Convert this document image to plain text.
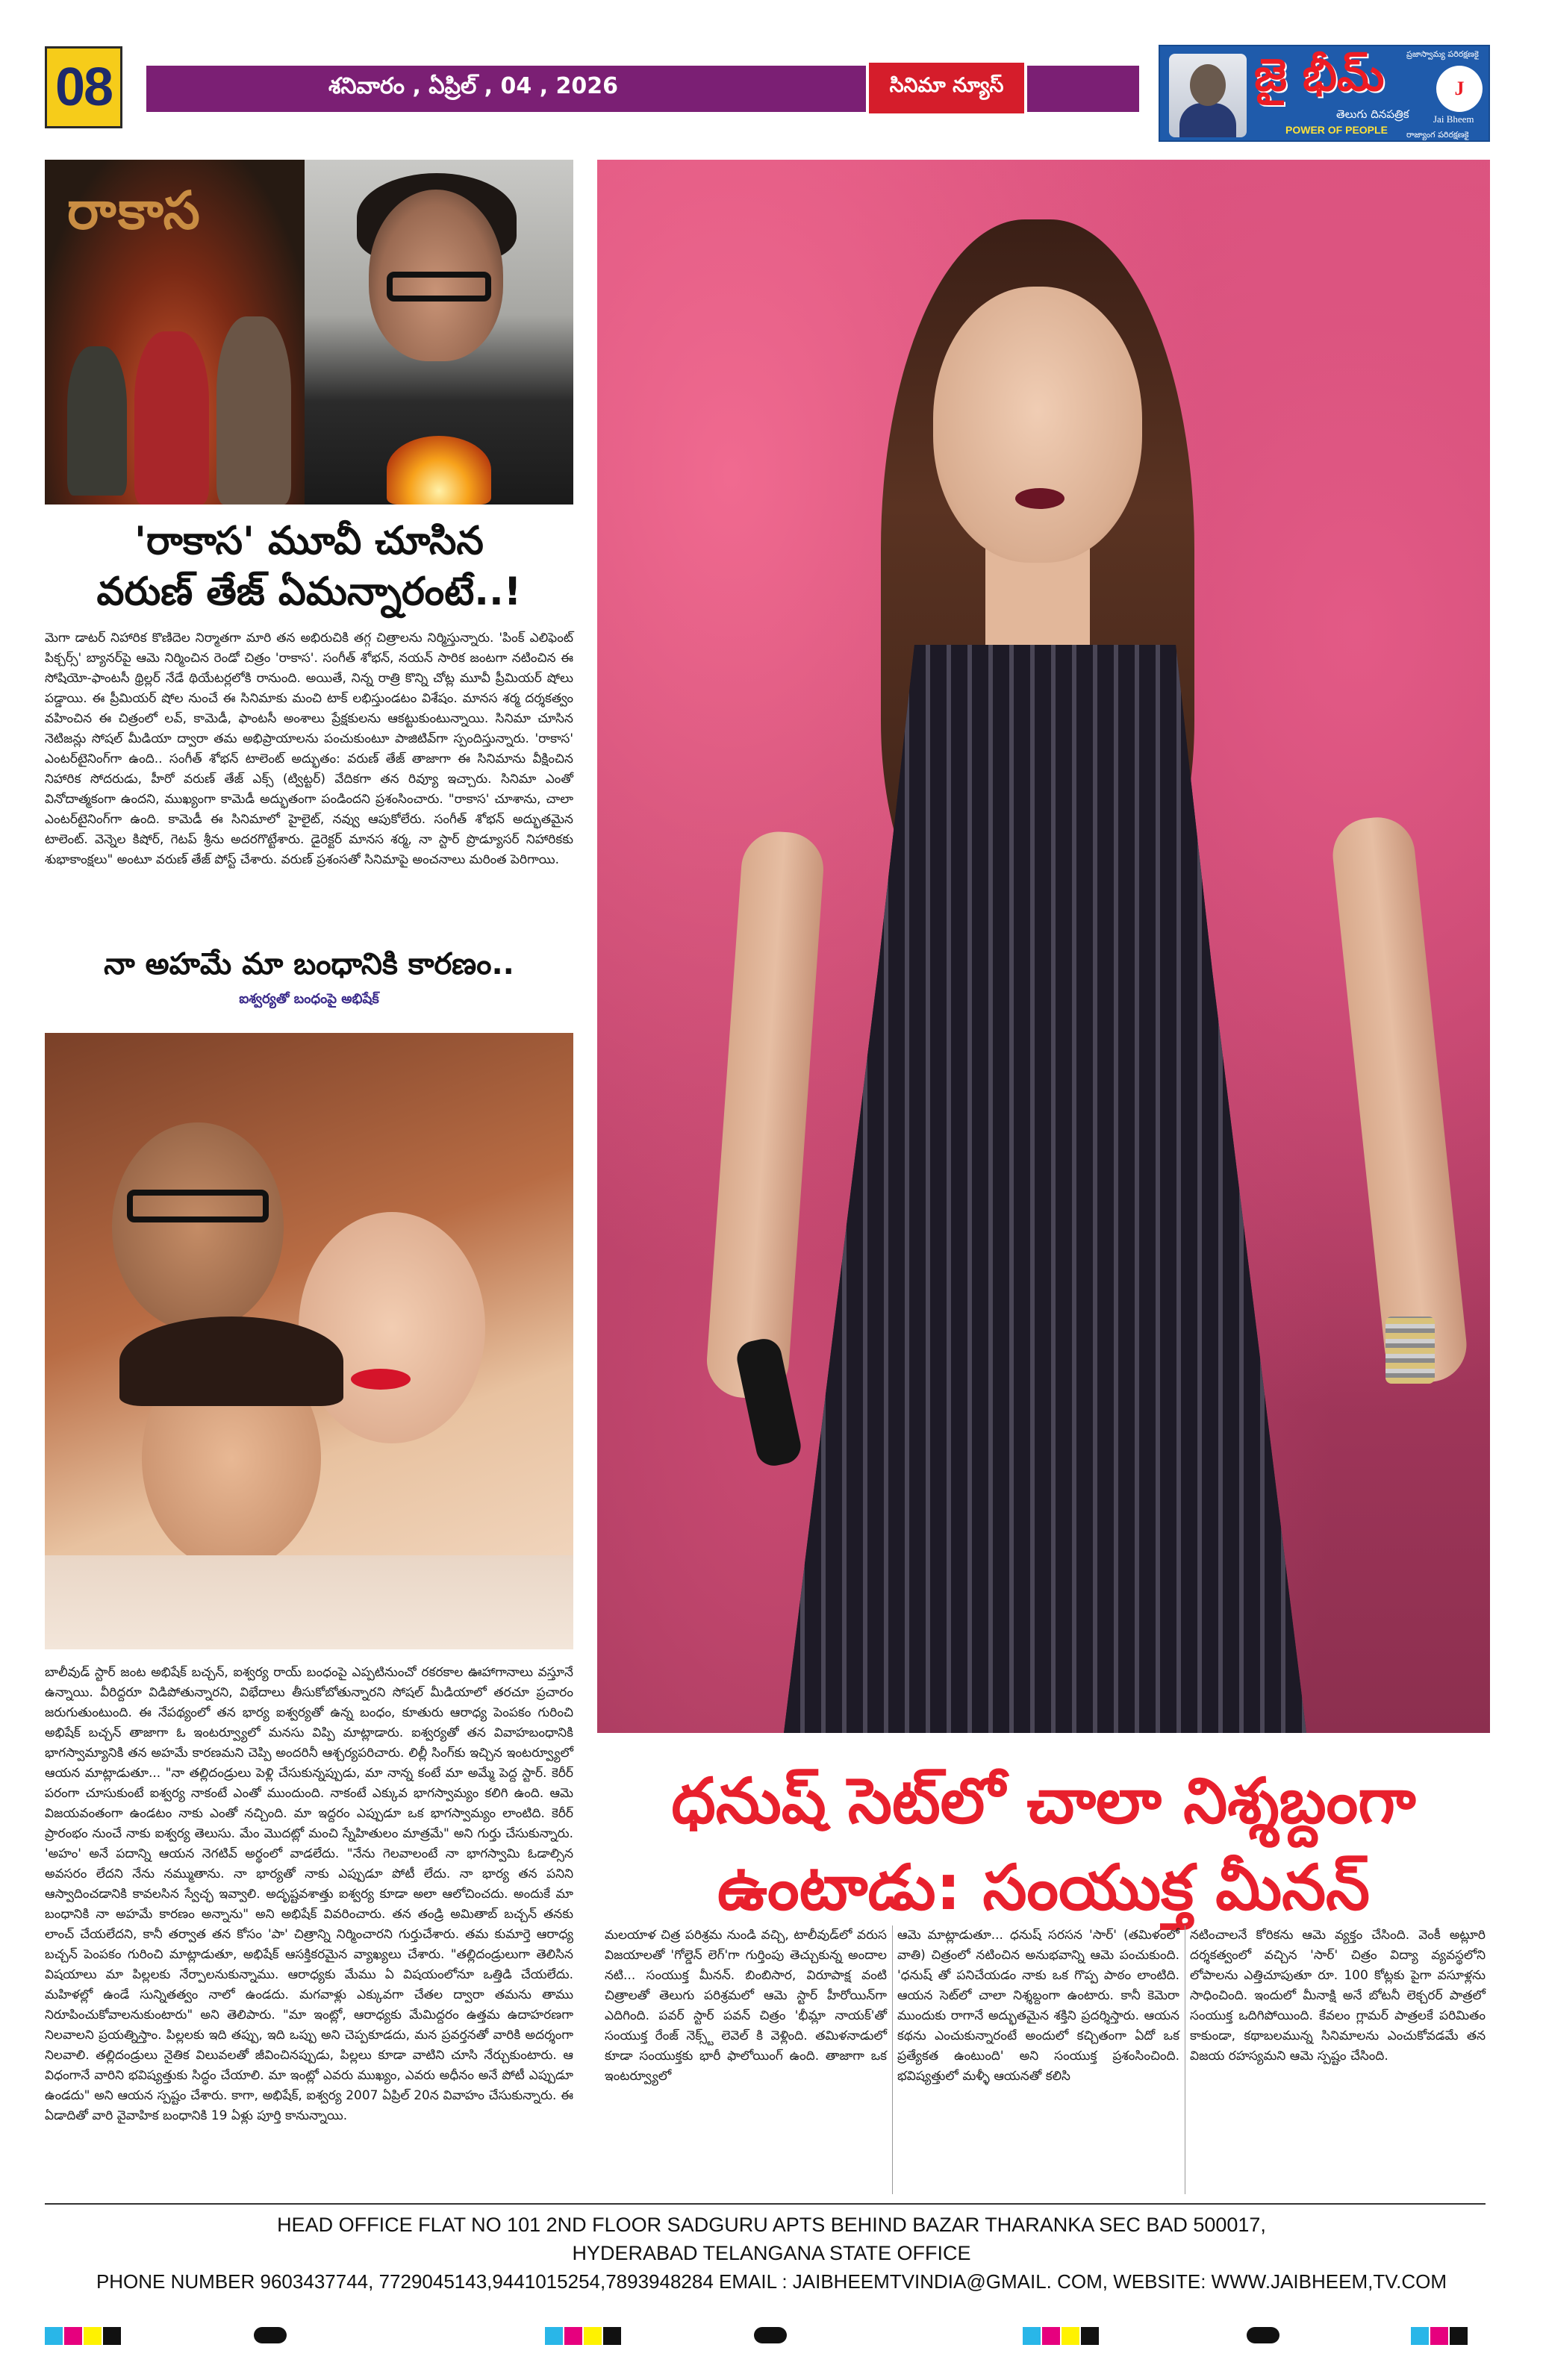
08	శనివారం , ఏప్రిల్ , 04 , 2026	సినిమా న్యూస్	జై భీమ్	ప్రజాస్వామ్య పరిరక్షణకై
తెలుగు దినపత్రిక
POWER OF PEOPLE రాజ్యాంగ పరిరక్షణకై
J
Jai Bheem
రాకాస
'రాకాస' మూవీ చూసిన
వరుణ్ తేజ్ ఏమన్నారంటే..!
మెగా డాటర్ నిహారిక కొణిదెల నిర్మాతగా మారి తన అభిరుచికి తగ్గ చిత్రాలను నిర్మిస్తున్నారు. 'పింక్ ఎలిఫెంట్ పిక్చర్స్' బ్యానర్‌పై ఆమె నిర్మించిన రెండో చిత్రం 'రాకాస'. సంగీత్ శోభన్, నయన్ సారిక జంటగా నటించిన ఈ సోషియో-ఫాంటసీ థ్రిల్లర్ నేడే థియేటర్లలోకి రానుంది. అయితే, నిన్న రాత్రి కొన్ని చోట్ల మూవీ ప్రీమియర్ షోలు పడ్డాయి. ఈ ప్రీమియర్ షోల నుంచే ఈ సినిమాకు మంచి టాక్ లభిస్తుండటం విశేషం. మానస శర్మ దర్శకత్వం వహించిన ఈ చిత్రంలో లవ్, కామెడీ, ఫాంటసీ అంశాలు ప్రేక్షకులను ఆకట్టుకుంటున్నాయి. సినిమా చూసిన నెటిజన్లు సోషల్ మీడియా ద్వారా తమ అభిప్రాయాలను పంచుకుంటూ పాజిటివ్‌గా స్పందిస్తున్నారు. 'రాకాస' ఎంటర్‌టైనింగ్‌గా ఉంది.. సంగీత్ శోభన్ టాలెంట్ అద్భుతం: వరుణ్ తేజ్ తాజాగా ఈ సినిమాను వీక్షించిన నిహారిక సోదరుడు, హీరో వరుణ్ తేజ్ ఎక్స్ (ట్విట్టర్) వేదికగా తన రివ్యూ ఇచ్చారు. సినిమా ఎంతో వినోదాత్మకంగా ఉందని, ముఖ్యంగా కామెడీ అద్భుతంగా పండిందని ప్రశంసించారు. "రాకాస' చూశాను, చాలా ఎంటర్‌టైనింగ్‌గా ఉంది. కామెడీ ఈ సినిమాలో హైలైట్, నవ్వు ఆపుకోలేరు. సంగీత్ శోభన్ అద్భుతమైన టాలెంట్. వెన్నెల కిషోర్, గెటప్ శ్రీను అదరగొట్టేశారు. డైరెక్టర్ మానస శర్మ, నా స్టార్ ప్రొడ్యూసర్ నిహారికకు శుభాకాంక్షలు" అంటూ వరుణ్ తేజ్ పోస్ట్ చేశారు. వరుణ్ ప్రశంసతో సినిమాపై అంచనాలు మరింత పెరిగాయి.
నా అహమే మా బంధానికి కారణం..
ఐశ్వర్యతో బంధంపై అభిషేక్
బాలీవుడ్ స్టార్ జంట అభిషేక్ బచ్చన్, ఐశ్వర్య రాయ్ బంధంపై ఎప్పటినుంచో రకరకాల ఊహాగానాలు వస్తూనే ఉన్నాయి. వీరిద్దరూ విడిపోతున్నారని, విభేదాలు తీసుకోబోతున్నారని సోషల్ మీడియాలో తరచూ ప్రచారం జరుగుతుంటుంది. ఈ నేపథ్యంలో తన భార్య ఐశ్వర్యతో ఉన్న బంధం, కూతురు ఆరాధ్య పెంపకం గురించి అభిషేక్ బచ్చన్ తాజాగా ఓ ఇంటర్వ్యూలో మనసు విప్పి మాట్లాడారు. ఐశ్వర్యతో తన వివాహబంధానికి భాగస్వామ్యానికి తన అహమే కారణమని చెప్పి అందరినీ ఆశ్చర్యపరిచారు. లిల్లీ సింగ్‌కు ఇచ్చిన ఇంటర్వ్యూలో ఆయన మాట్లాడుతూ... "నా తల్లిదండ్రులు పెళ్లి చేసుకున్నప్పుడు, మా నాన్న కంటే మా అమ్మే పెద్ద స్టార్. కెరీర్ పరంగా చూసుకుంటే ఐశ్వర్య నాకంటే ఎంతో ముందుంది. నాకంటే ఎక్కువ భాగస్వామ్యం కలిగి ఉంది. ఆమె విజయవంతంగా ఉండటం నాకు ఎంతో నచ్చింది. మా ఇద్దరం ఎప్పుడూ ఒక భాగస్వామ్యం లాంటిది. కెరీర్ ప్రారంభం నుంచే నాకు ఐశ్వర్య తెలుసు. మేం మొదట్లో మంచి స్నేహితులం మాత్రమే" అని గుర్తు చేసుకున్నారు. 'అహం' అనే పదాన్ని ఆయన నెగటివ్ అర్థంలో వాడలేదు. "నేను గెలవాలంటే నా భాగస్వామి ఓడాల్సిన అవసరం లేదని నేను నమ్ముతాను. నా భార్యతో నాకు ఎప్పుడూ పోటీ లేదు. నా భార్య తన పనిని ఆస్వాదించడానికి కావలసిన స్వేచ్ఛ ఇవ్వాలి. అదృష్టవశాత్తు ఐశ్వర్య కూడా అలా ఆలోచించదు. అందుకే మా బంధానికి నా అహమే కారణం అన్నాను" అని అభిషేక్ వివరించారు. తన తండ్రి అమితాబ్ బచ్చన్ తనకు లాంచ్ చేయలేదని, కానీ తర్వాత తన కోసం 'పా' చిత్రాన్ని నిర్మించారని గుర్తుచేశారు. తమ కుమార్తె ఆరాధ్య బచ్చన్ పెంపకం గురించి మాట్లాడుతూ, అభిషేక్ ఆసక్తికరమైన వ్యాఖ్యలు చేశారు. "తల్లిదండ్రులుగా తెలిసిన విషయాలు మా పిల్లలకు నేర్పాలనుకున్నాము. ఆరాధ్యకు మేము ఏ విషయంలోనూ ఒత్తిడి చేయలేదు. మహిళల్లో ఉండే సున్నితత్వం నాలో ఉండదు. మగవాళ్లు ఎక్కువగా చేతల ద్వారా తమను తాము నిరూపించుకోవాలనుకుంటారు" అని తెలిపారు. "మా ఇంట్లో, ఆరాధ్యకు మేమిద్దరం ఉత్తమ ఉదాహరణగా నిలవాలని ప్రయత్నిస్తాం. పిల్లలకు ఇది తప్పు, ఇది ఒప్పు అని చెప్పకూడదు, మన ప్రవర్తనతో వారికి అదర్శంగా నిలవాలి. తల్లిదండ్రులు నైతిక విలువలతో జీవించినప్పుడు, పిల్లలు కూడా వాటిని చూసి నేర్చుకుంటారు. ఆ విధంగానే వారిని భవిష్యత్తుకు సిద్ధం చేయాలి. మా ఇంట్లో ఎవరు ముఖ్యం, ఎవరు అధీనం అనే పోటీ ఎప్పుడూ ఉండదు" అని ఆయన స్పష్టం చేశారు. కాగా, అభిషేక్, ఐశ్వర్య 2007 ఏప్రిల్ 20న వివాహం చేసుకున్నారు. ఈ ఏడాదితో వారి వైవాహిక బంధానికి 19 ఏళ్లు పూర్తి కానున్నాయి.
ధనుష్ సెట్‌లో చాలా నిశ్శబ్దంగా
ఉంటాడు: సంయుక్త మీనన్
మలయాళ చిత్ర పరిశ్రమ నుండి వచ్చి, టాలీవుడ్‌లో వరుస విజయాలతో 'గోల్డెన్ లెగ్'గా గుర్తింపు తెచ్చుకున్న అందాల నటి... సంయుక్త మీనన్. బింబిసార, విరూపాక్ష వంటి చిత్రాలతో తెలుగు పరిశ్రమలో ఆమె స్టార్ హీరోయిన్‌గా ఎదిగింది. పవర్ స్టార్ పవన్ చిత్రం 'భీమ్లా నాయక్'తో సంయుక్త రేంజ్ నెక్స్ట్ లెవెల్ కి వెళ్లింది. తమిళనాడులో కూడా సంయుక్తకు భారీ ఫాలోయింగ్ ఉంది. తాజాగా ఒక ఇంటర్వ్యూలో
ఆమె మాట్లాడుతూ... ధనుష్ సరసన 'సార్' (తమిళంలో వాతి) చిత్రంలో నటించిన అనుభవాన్ని ఆమె పంచుకుంది. 'ధనుష్ తో పనిచేయడం నాకు ఒక గొప్ప పాఠం లాంటిది. ఆయన సెట్‌లో చాలా నిశ్శబ్దంగా ఉంటారు. కానీ కెమెరా ముందుకు రాగానే అద్భుతమైన శక్తిని ప్రదర్శిస్తారు. ఆయన కథను ఎంచుకున్నారంటే అందులో కచ్చితంగా ఏదో ఒక ప్రత్యేకత ఉంటుంది' అని సంయుక్త ప్రశంసించింది. భవిష్యత్తులో మళ్ళీ ఆయనతో కలిసి
నటించాలనే కోరికను ఆమె వ్యక్తం చేసింది. వెంకీ అట్లూరి దర్శకత్వంలో వచ్చిన 'సార్' చిత్రం విద్యా వ్యవస్థలోని లోపాలను ఎత్తిచూపుతూ రూ. 100 కోట్లకు పైగా వసూళ్లను సాధించింది. ఇందులో మీనాక్షి అనే బోటనీ లెక్చరర్ పాత్రలో సంయుక్త ఒదిగిపోయింది. కేవలం గ్లామర్ పాత్రలకే పరిమితం కాకుండా, కథాబలమున్న సినిమాలను ఎంచుకోవడమే తన విజయ రహస్యమని ఆమె స్పష్టం చేసింది.
HEAD OFFICE FLAT NO 101 2ND FLOOR SADGURU APTS BEHIND BAZAR THARANKA SEC BAD 500017,
HYDERABAD TELANGANA STATE OFFICE
PHONE NUMBER 9603437744, 7729045143,9441015254,7893948284 EMAIL : JAIBHEEMTVINDIA@GMAIL. COM, WEBSITE: WWW.JAIBHEEM,TV.COM
